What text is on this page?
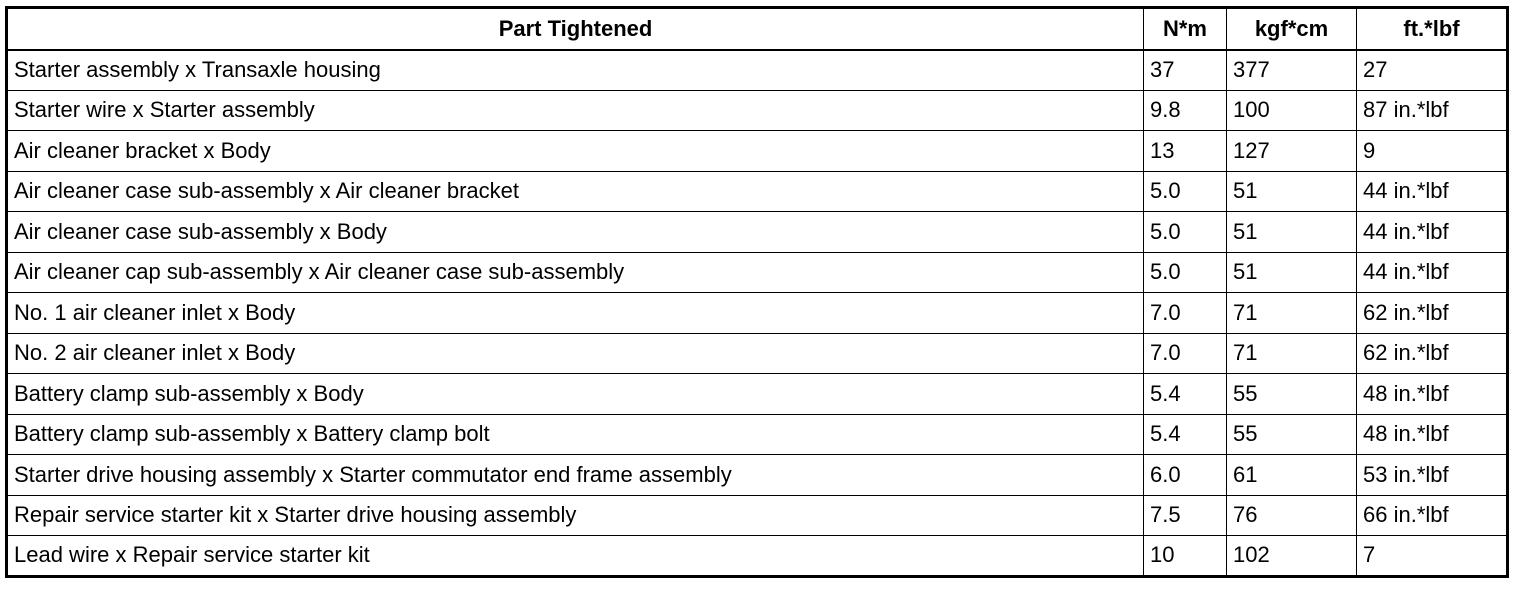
Part Tightened	N*m	kgf*cm	ft.*lbf
Starter assembly x Transaxle housing	37	377	27
Starter wire x Starter assembly	9.8	100	87 in.*lbf
Air cleaner bracket x Body	13	127	9
Air cleaner case sub-assembly x Air cleaner bracket	5.0	51	44 in.*lbf
Air cleaner case sub-assembly x Body	5.0	51	44 in.*lbf
Air cleaner cap sub-assembly x Air cleaner case sub-assembly	5.0	51	44 in.*lbf
No. 1 air cleaner inlet x Body	7.0	71	62 in.*lbf
No. 2 air cleaner inlet x Body	7.0	71	62 in.*lbf
Battery clamp sub-assembly x Body	5.4	55	48 in.*lbf
Battery clamp sub-assembly x Battery clamp bolt	5.4	55	48 in.*lbf
Starter drive housing assembly x Starter commutator end frame assembly	6.0	61	53 in.*lbf
Repair service starter kit x Starter drive housing assembly	7.5	76	66 in.*lbf
Lead wire x Repair service starter kit	10	102	7
